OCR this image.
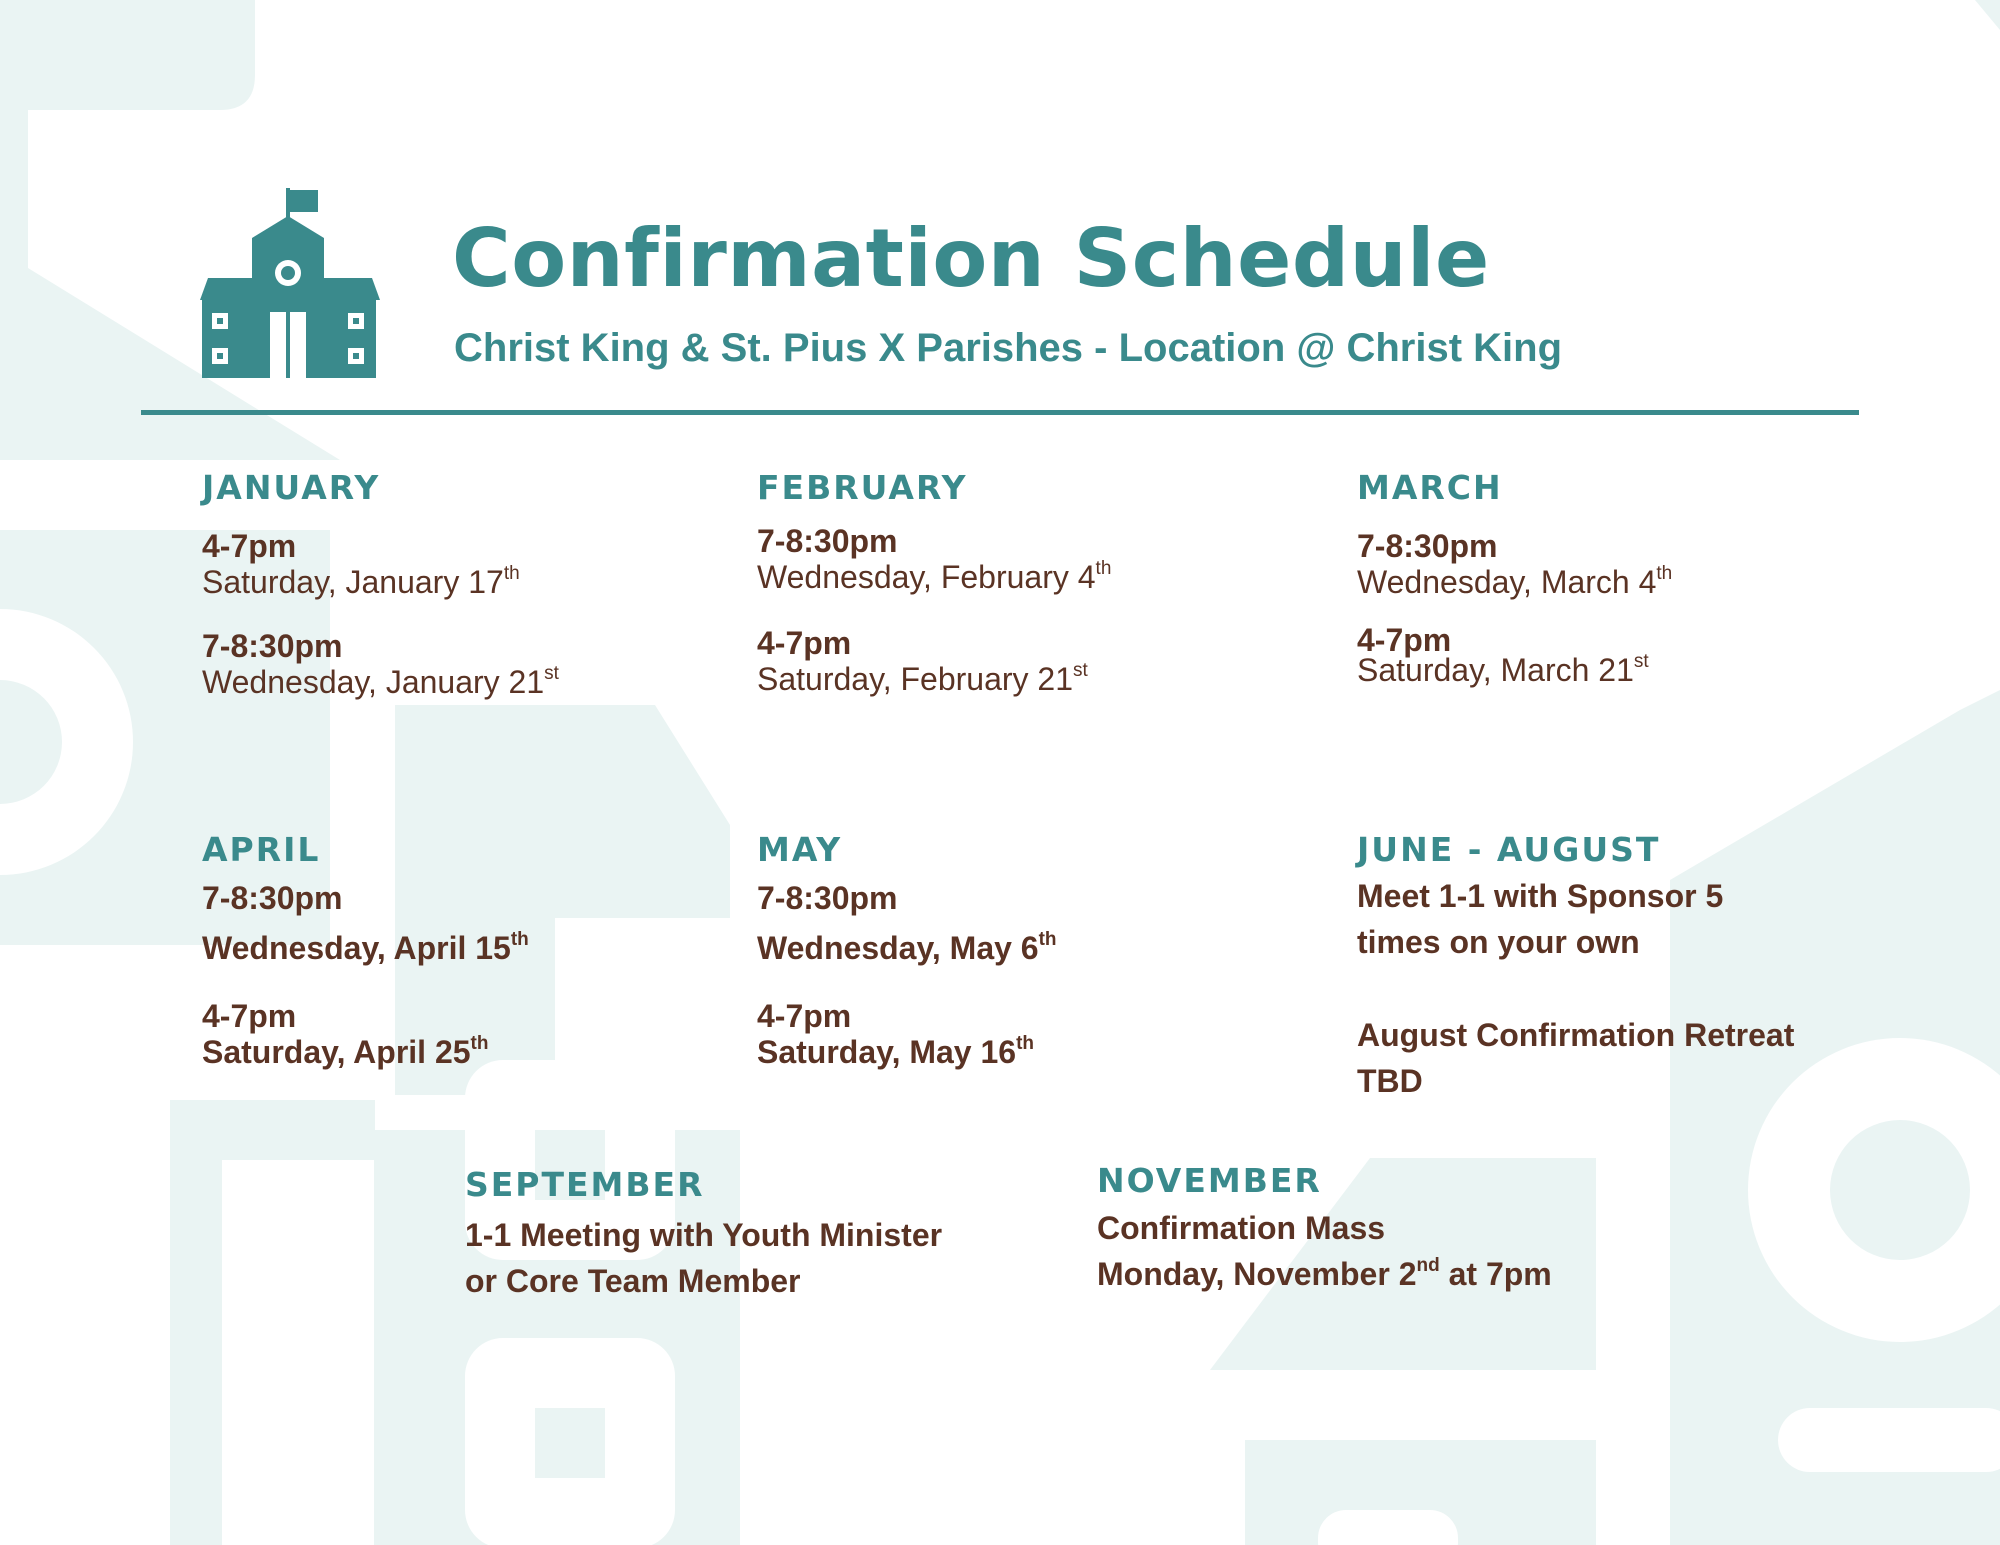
Confirmation Schedule
Christ King & St. Pius X Parishes - Location @ Christ King
JANUARY
4-7pm
Saturday, January 17th
7-8:30pm
Wednesday, January 21st
FEBRUARY
7-8:30pm
Wednesday, February 4th
4-7pm
Saturday, February 21st
MARCH
7-8:30pm
Wednesday, March 4th
4-7pm
Saturday, March 21st
APRIL
7-8:30pm
Wednesday, April 15th
4-7pm
Saturday, April 25th
MAY
7-8:30pm
Wednesday, May 6th
4-7pm
Saturday, May 16th
JUNE - AUGUST
Meet 1-1 with Sponsor 5
times on your own
August Confirmation Retreat
TBD
SEPTEMBER
1-1 Meeting with Youth Minister
or Core Team Member
NOVEMBER
Confirmation Mass
Monday, November 2nd at 7pm
